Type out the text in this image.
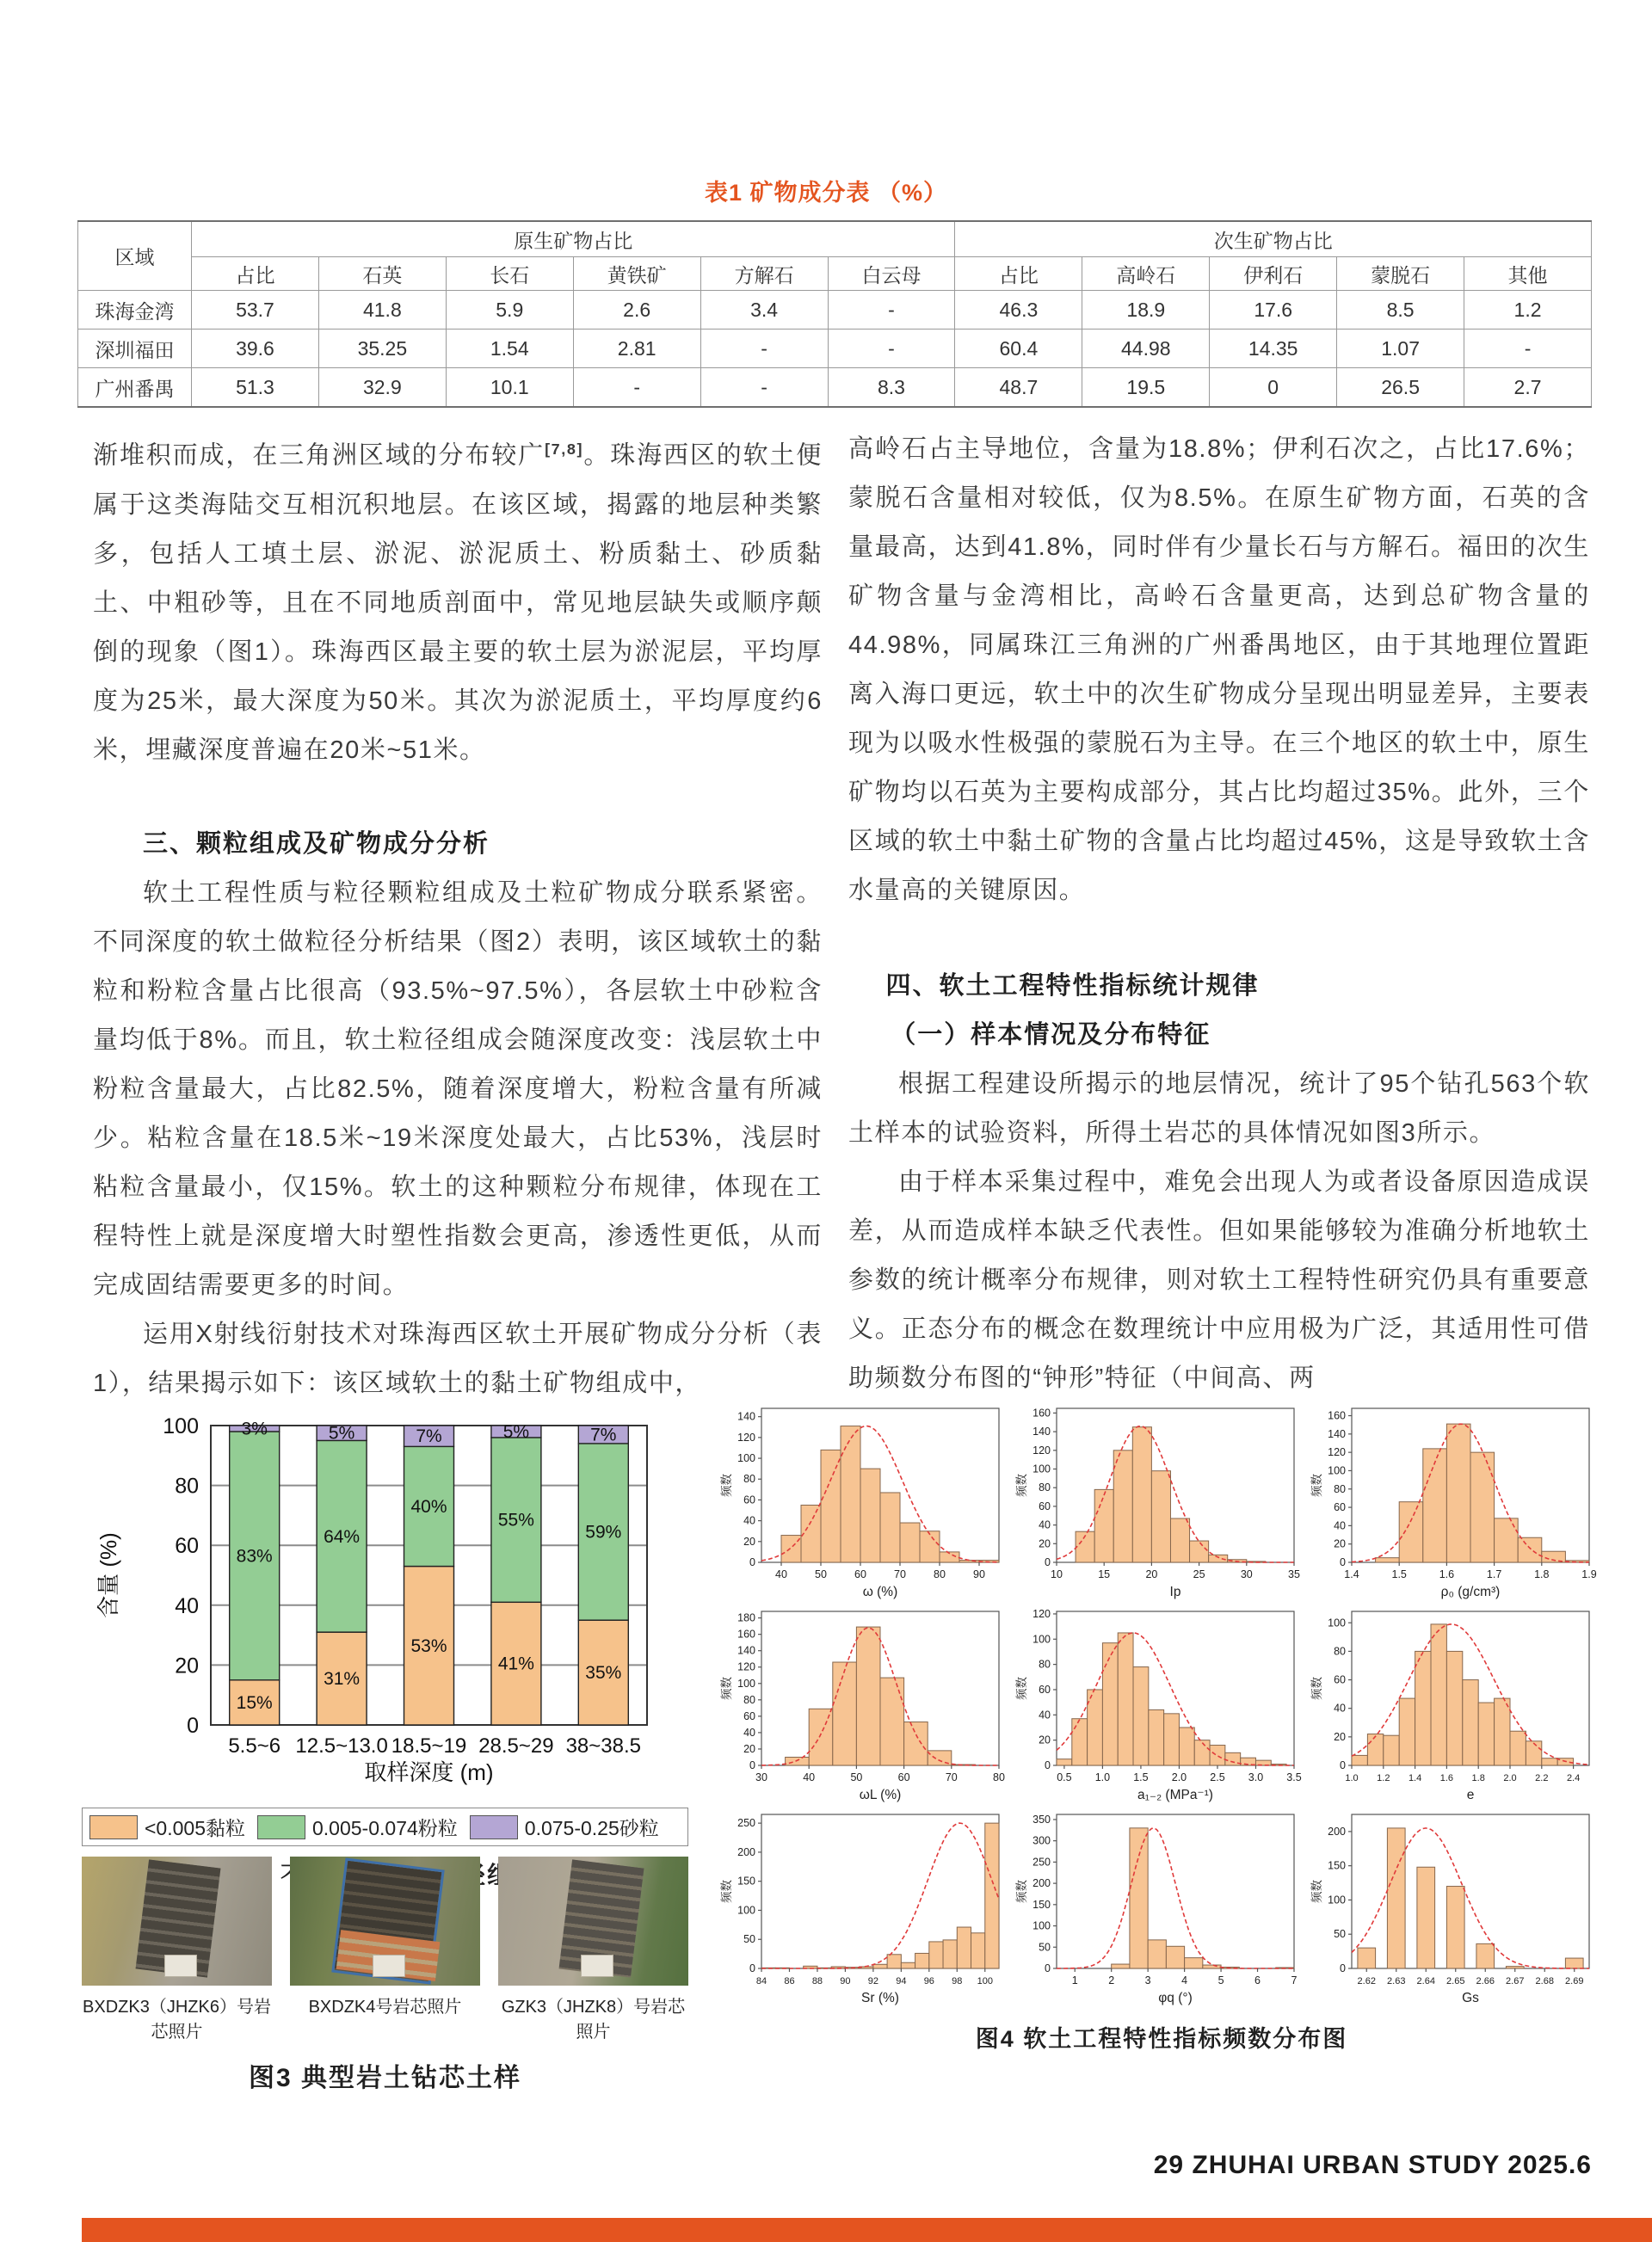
表1 矿物成分表 （%）
区域	原生矿物占比						次生矿物占比				
	占比	石英	长石	黄铁矿	方解石	白云母	占比	高岭石	伊利石	蒙脱石	其他
珠海金湾	53.7	41.8	5.9	2.6	3.4	-	46.3	18.9	17.6	8.5	1.2
深圳福田	39.6	35.25	1.54	2.81	-	-	60.4	44.98	14.35	1.07	-
广州番禺	51.3	32.9	10.1	-	-	8.3	48.7	19.5	0	26.5	2.7

渐堆积而成，在三角洲区域的分布较广[7,8]。珠海西区的软土便属于这类海陆交互相沉积地层。在该区域，揭露的地层种类繁多，包括人工填土层、淤泥、淤泥质土、粉质黏土、砂质黏土、中粗砂等，且在不同地质剖面中，常见地层缺失或顺序颠倒的现象（图1）。珠海西区最主要的软土层为淤泥层，平均厚度为25米，最大深度为50米。其次为淤泥质土，平均厚度约6米，埋藏深度普遍在20米~51米。

三、颗粒组成及矿物成分分析

软土工程性质与粒径颗粒组成及土粒矿物成分联系紧密。不同深度的软土做粒径分析结果（图2）表明，该区域软土的黏粒和粉粒含量占比很高（93.5%~97.5%），各层软土中砂粒含量均低于8%。而且，软土粒径组成会随深度改变：浅层软土中粉粒含量最大，占比82.5%，随着深度增大，粉粒含量有所减少。粘粒含量在18.5米~19米深度处最大，占比53%，浅层时粘粒含量最小，仅15%。软土的这种颗粒分布规律，体现在工程特性上就是深度增大时塑性指数会更高，渗透性更低，从而完成固结需要更多的时间。

运用X射线衍射技术对珠海西区软土开展矿物成分分析（表1），结果揭示如下：该区域软土的黏土矿物组成中，

高岭石占主导地位，含量为18.8%；伊利石次之，占比17.6%；蒙脱石含量相对较低，仅为8.5%。在原生矿物方面，石英的含量最高，达到41.8%，同时伴有少量长石与方解石。福田的次生矿物含量与金湾相比，高岭石含量更高，达到总矿物含量的44.98%，同属珠江三角洲的广州番禺地区，由于其地理位置距离入海口更远，软土中的次生矿物成分呈现出明显差异，主要表现为以吸水性极强的蒙脱石为主导。在三个地区的软土中，原生矿物均以石英为主要构成部分，其占比均超过35%。此外，三个区域的软土中黏土矿物的含量占比均超过45%，这是导致软土含水量高的关键原因。

四、软土工程特性指标统计规律
（一）样本情况及分布特征

根据工程建设所揭示的地层情况，统计了95个钻孔563个软土样本的试验资料，所得土岩芯的具体情况如图3所示。

由于样本采集过程中，难免会出现人为或者设备原因造成误差，从而造成样本缺乏代表性。但如果能够较为准确分析地软土参数的统计概率分布规律，则对软土工程特性研究仍具有重要意义。正态分布的概念在数理统计中应用极为广泛，其适用性可借助频数分布图的“钟形”特征（中间高、两

0
20
40
60
80
100
含量 (%)
15%
83%
3%
5.5~6
31%
64%
5%
12.5~13.0
53%
40%
7%
18.5~19
41%
55%
5%
28.5~29
35%
59%
7%
38~38.5
取样深度 (m)
<0.005黏粒	0.005-0.074粉粒	0.075-0.25砂粒
BXDZK3（JHZK6）号岩芯照片
BXDZK4号岩芯照片	GZK3（JHZK8）号岩芯照片
图3 典型岩土钻芯土样
40	50	60	70	80	90
0
20
40
60
80
100
120
140
频数
ω (%)
10	15	20	25	30	35
0
20
40
60
80
100
120
140
160
频数
Ip
1.4	1.5	1.6	1.7	1.8	1.9
0
20
40
60
80
100
120
140
160
频数
ρ₀ (g/cm³)
30	40	50	60	70	80
0
20
40
60
80
100
120
140
160
180
频数
ωL (%)
0.5 1.0 1.5 2.0 2.5 3.0 3.5
0
20
40
60
80
100
120
频数
a₁₋₂ (MPa⁻¹)
1.0 1.2 1.4 1.6 1.8 2.0 2.2 2.4
0
20
40
60
80
100
频数
e
84 86 88 90 92 94 96 98 100
0
50
100
150
200
250
频数
Sr (%)
1	2	3	4	5	6	7
0
50
100
150
200
250
300
350
频数
φq (°)
2.62 2.63 2.64 2.65 2.66 2.67 2.68 2.69
0
50
100
150
200
频数
Gs
图4 软土工程特性指标频数分布图
29 ZHUHAI URBAN STUDY 2025.6
